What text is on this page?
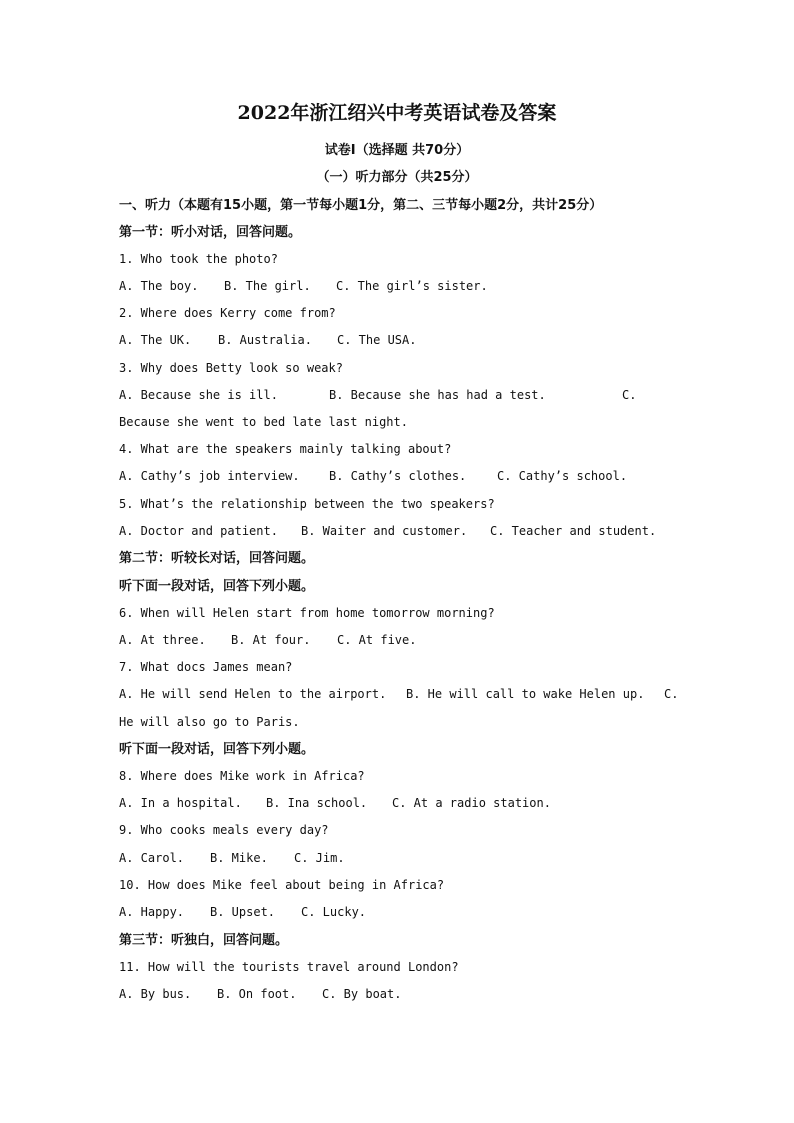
2022年浙江绍兴中考英语试卷及答案
试卷I（选择题 共70分）
（一）听力部分（共25分）
一、听力（本题有15小题，第一节每小题1分，第二、三节每小题2分，共计25分）
第一节：听小对话，回答问题。
1. Who took the photo?
A. The boy. B. The girl. C. The girl’s sister.
2. Where does Kerry come from?
A. The UK. B. Australia. C. The USA.
3. Why does Betty look so weak?
A. Because she is ill.	B. Because she has had a test.	C.
Because she went to bed late last night.
4. What are the speakers mainly talking about?
A. Cathy’s job interview. B. Cathy’s clothes.	C. Cathy’s school.
5. What’s the relationship between the two speakers?
A. Doctor and patient. B. Waiter and customer. C. Teacher and student.
第二节：听较长对话，回答问题。
听下面一段对话，回答下列小题。
6. When will Helen start from home tomorrow morning?
A. At three. B. At four. C. At five.
7. What docs James mean?
A. He will send Helen to the airport. B. He will call to wake Helen up. C.
He will also go to Paris.
听下面一段对话，回答下列小题。
8. Where does Mike work in Africa?
A. In a hospital. B. Ina school. C. At a radio station.
9. Who cooks meals every day?
A. Carol. B. Mike. C. Jim.
10. How does Mike feel about being in Africa?
A. Happy. B. Upset. C. Lucky.
第三节：听独白，回答问题。
11. How will the tourists travel around London?
A. By bus. B. On foot. C. By boat.
